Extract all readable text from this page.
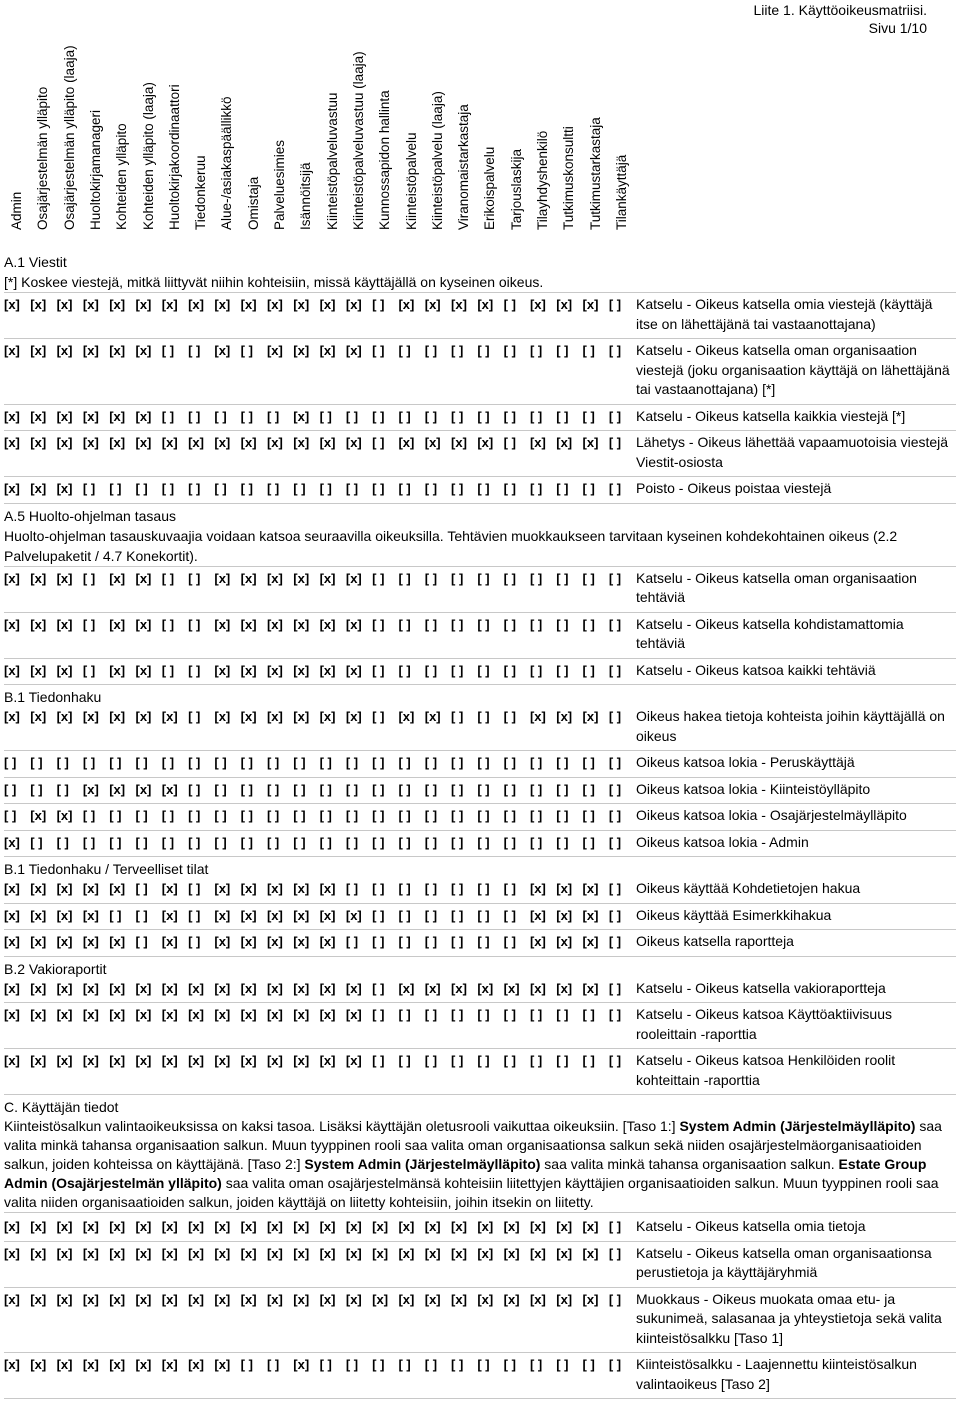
Liite 1. Käyttöoikeusmatriisi.
Sivu 1/10
Admin Osajärjestelmän ylläpito Osajärjestelmän ylläpito (laaja) Huoltokirjamanageri Kohteiden ylläpito Kohteiden ylläpito (laaja) Huoltokirjakoordinaattori Tiedonkeruu Alue-/asiakaspäällikkö Omistaja Palveluesimies Isännöitsijä Kiinteistöpalveluvastuu Kiinteistöpalveluvastuu (laaja) Kunnossapidon hallinta Kiinteistöpalvelu Kiinteistöpalvelu (laaja) Viranomaistarkastaja Erikoispalvelu Tarjouslaskija Tilayhdyshenkilö Tutkimuskonsultti Tutkimustarkastaja Tilankäyttäjä
A.1 Viestit
[*] Koskee viestejä, mitkä liittyvät niihin kohteisiin, missä käyttäjällä on kyseinen oikeus.
[x] [x] [x] [x] [x] [x] [x] [x] [x] [x] [x] [x] [x] [x] [ ]	[x] [x] [x] [x] [ ]	[x] [x] [x] [ ]	Katselu - Oikeus katsella omia viestejä (käyttäjä itse on lähettäjänä tai vastaanottajana)
[x] [x] [x] [x] [x] [x] [ ]	[ ]	[x] [ ]	[x] [x] [x] [x] [ ]	[ ]	[ ]	[ ]	[ ]	[ ]	[ ]	[ ]	[ ]	[ ]	Katselu - Oikeus katsella oman organisaation viestejä (joku organisaation käyttäjä on lähettäjänä tai vastaanottajana) [*]
[x] [x] [x] [x] [x] [x] [ ]	[ ]	[ ]	[ ]	[ ]	[x] [ ]	[ ]	[ ]	[ ]	[ ]	[ ]	[ ]	[ ]	[ ]	[ ]	[ ]	[ ]	Katselu - Oikeus katsella kaikkia viestejä [*]
[x] [x] [x] [x] [x] [x] [x] [x] [x] [x] [x] [x] [x] [x] [ ]	[x] [x] [x] [x] [ ]	[x] [x] [x] [ ]	Lähetys - Oikeus lähettää vapaamuotoisia viestejä Viestit-osiosta
[x] [x] [x] [ ]	[ ]	[ ]	[ ]	[ ]	[ ]	[ ]	[ ]	[ ]	[ ]	[ ]	[ ]	[ ]	[ ]	[ ]	[ ]	[ ]	[ ]	[ ]	[ ]	[ ]	Poisto - Oikeus poistaa viestejä
A.5 Huolto-ohjelman tasaus
Huolto-ohjelman tasauskuvaajia voidaan katsoa seuraavilla oikeuksilla. Tehtävien muokkaukseen tarvitaan kyseinen kohdekohtainen oikeus (2.2 Palvelupaketit / 4.7 Konekortit).
[x] [x] [x] [ ]	[x] [x] [ ]	[ ]	[x] [x] [x] [x] [x] [x] [ ]	[ ]	[ ]	[ ]	[ ]	[ ]	[ ]	[ ]	[ ]	[ ]	Katselu - Oikeus katsella oman organisaation tehtäviä
[x] [x] [x] [ ]	[x] [x] [ ]	[ ]	[x] [x] [x] [x] [x] [x] [ ]	[ ]	[ ]	[ ]	[ ]	[ ]	[ ]	[ ]	[ ]	[ ]	Katselu - Oikeus katsella kohdistamattomia tehtäviä
[x] [x] [x] [ ]	[x] [x] [ ]	[ ]	[x] [x] [x] [x] [x] [x] [ ]	[ ]	[ ]	[ ]	[ ]	[ ]	[ ]	[ ]	[ ]	[ ]	Katselu - Oikeus katsoa kaikki tehtäviä
B.1 Tiedonhaku
[x] [x] [x] [x] [x] [x] [x] [ ]	[x] [x] [x] [x] [x] [x] [ ]	[x] [x] [ ]	[ ]	[ ]	[x] [x] [x] [ ]	Oikeus hakea tietoja kohteista joihin käyttäjällä on oikeus
[ ]	[ ]	[ ]	[ ]	[ ]	[ ]	[ ]	[ ]	[ ]	[ ]	[ ]	[ ]	[ ]	[ ]	[ ]	[ ]	[ ]	[ ]	[ ]	[ ]	[ ]	[ ]	[ ]	[ ]	Oikeus katsoa lokia - Peruskäyttäjä
[ ]	[ ]	[ ]	[x] [x] [x] [x] [ ]	[ ]	[ ]	[ ]	[ ]	[ ]	[ ]	[ ]	[ ]	[ ]	[ ]	[ ]	[ ]	[ ]	[ ]	[ ]	[ ]	Oikeus katsoa lokia - Kiinteistöylläpito
[ ]	[x] [x] [ ]	[ ]	[ ]	[ ]	[ ]	[ ]	[ ]	[ ]	[ ]	[ ]	[ ]	[ ]	[ ]	[ ]	[ ]	[ ]	[ ]	[ ]	[ ]	[ ]	[ ]	Oikeus katsoa lokia - Osajärjestelmäylläpito
[x] [ ]	[ ]	[ ]	[ ]	[ ]	[ ]	[ ]	[ ]	[ ]	[ ]	[ ]	[ ]	[ ]	[ ]	[ ]	[ ]	[ ]	[ ]	[ ]	[ ]	[ ]	[ ]	[ ]	Oikeus katsoa lokia - Admin
B.1 Tiedonhaku / Terveelliset tilat
[x] [x] [x] [x] [x] [ ]	[x] [ ]	[x] [x] [x] [x] [x] [ ]	[ ]	[ ]	[ ]	[ ]	[ ]	[ ]	[x] [x] [x] [ ]	Oikeus käyttää Kohdetietojen hakua
[x] [x] [x] [x] [ ]	[ ]	[x] [ ]	[x] [x] [x] [x] [x] [x] [ ]	[ ]	[ ]	[ ]	[ ]	[ ]	[x] [x] [x] [ ]	Oikeus käyttää Esimerkkihakua
[x] [x] [x] [x] [x] [ ]	[x] [ ]	[x] [x] [x] [x] [x] [ ]	[ ]	[ ]	[ ]	[ ]	[ ]	[ ]	[x] [x] [x] [ ]	Oikeus katsella raportteja
B.2 Vakioraportit
[x] [x] [x] [x] [x] [x] [x] [x] [x] [x] [x] [x] [x] [x] [ ]	[x] [x] [x] [x] [x] [x] [x] [x] [ ]	Katselu - Oikeus katsella vakioraportteja
[x] [x] [x] [x] [x] [x] [x] [x] [x] [x] [x] [x] [x] [x] [ ]	[ ]	[ ]	[ ]	[ ]	[ ]	[ ]	[ ]	[ ]	[ ]	Katselu - Oikeus katsoa Käyttöaktiivisuus rooleittain -raporttia
[x] [x] [x] [x] [x] [x] [x] [x] [x] [x] [x] [x] [x] [x] [ ]	[ ]	[ ]	[ ]	[ ]	[ ]	[ ]	[ ]	[ ]	[ ]	Katselu - Oikeus katsoa Henkilöiden roolit kohteittain -raporttia
C. Käyttäjän tiedot
Kiinteistösalkun valintaoikeuksissa on kaksi tasoa. Lisäksi käyttäjän oletusrooli vaikuttaa oikeuksiin. [Taso 1:] System Admin (Järjestelmäylläpito) saa valita minkä tahansa organisaation salkun. Muun tyyppinen rooli saa valita oman organisaationsa salkun sekä niiden osajärjestelmäorganisaatioiden salkun, joiden kohteissa on käyttäjänä. [Taso 2:] System Admin (Järjestelmäylläpito) saa valita minkä tahansa organisaation salkun. Estate Group Admin (Osajärjestelmän ylläpito) saa valita oman osajärjestelmänsä kohteisiin liitettyjen käyttäjien organisaatioiden salkun. Muun tyyppinen rooli saa valita niiden organisaatioiden salkun, joiden käyttäjä on liitetty kohteisiin, joihin itsekin on liitetty.
[x] [x] [x] [x] [x] [x] [x] [x] [x] [x] [x] [x] [x] [x] [x] [x] [x] [x] [x] [x] [x] [x] [x] [ ]	Katselu - Oikeus katsella omia tietoja
[x] [x] [x] [x] [x] [x] [x] [x] [x] [x] [x] [x] [x] [x] [x] [x] [x] [x] [x] [x] [x] [x] [x] [ ]	Katselu - Oikeus katsella oman organisaationsa perustietoja ja käyttäjäryhmiä
[x] [x] [x] [x] [x] [x] [x] [x] [x] [x] [x] [x] [x] [x] [x] [x] [x] [x] [x] [x] [x] [x] [x] [ ]	Muokkaus - Oikeus muokata omaa etu- ja sukunimeä, salasanaa ja yhteystietoja sekä valita kiinteistösalkku [Taso 1]
[x] [x] [x] [x] [x] [x] [x] [x] [x] [ ]	[ ]	[x] [ ]	[ ]	[ ]	[ ]	[ ]	[ ]	[ ]	[ ]	[ ]	[ ]	[ ]	[ ]	Kiinteistösalkku - Laajennettu kiinteistösalkun valintaoikeus [Taso 2]
